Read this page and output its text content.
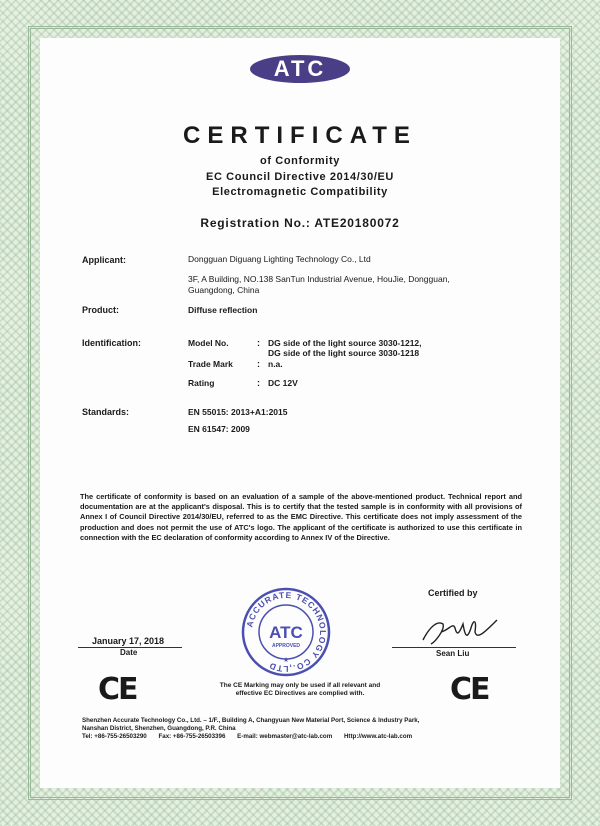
ATC
CERTIFICATE
of Conformity
EC Council Directive 2014/30/EU
Electromagnetic Compatibility
Registration No.: ATE20180072
Applicant:	Dongguan Diguang Lighting Technology Co., Ltd
3F, A Building, NO.138 SanTun Industrial Avenue, HouJie, Dongguan,
Guangdong, China
Product:	Diffuse reflection
Identification:	Model No.	: DG side of the light source 3030-1212,
DG side of the light source 3030-1218
Trade Mark	: n.a.
Rating	: DC 12V
Standards:	EN 55015: 2013+A1:2015
EN 61547: 2009
The certificate of conformity is based on an evaluation of a sample of the above-mentioned product. Technical report and documentation are at the applicant's disposal. This is to certify that the tested sample is in conformity with all provisions of Annex I of Council Directive 2014/30/EU, referred to as the EMC Directive. This certificate does not imply assessment of the production and does not permit the use of ATC's logo. The applicant of the certificate is authorized to use this certificate in connection with the EC declaration of conformity according to Annex IV of the Directive.
Certified by
Sean Liu
January 17, 2018
Date
ACCURATE TECHNOLOGY CO.,LTD
ATC
APPROVED
★
CE	CE
The CE Marking may only be used if all relevant and
effective EC Directives are complied with.
Shenzhen Accurate Technology Co., Ltd. – 1/F., Building A, Changyuan New Material Port, Science & Industry Park,
Nanshan District, Shenzhen, Guangdong, P.R. China
Tel: +86-755-26503290 Fax: +86-755-26503396 E-mail: webmaster@atc-lab.com Http://www.atc-lab.com
